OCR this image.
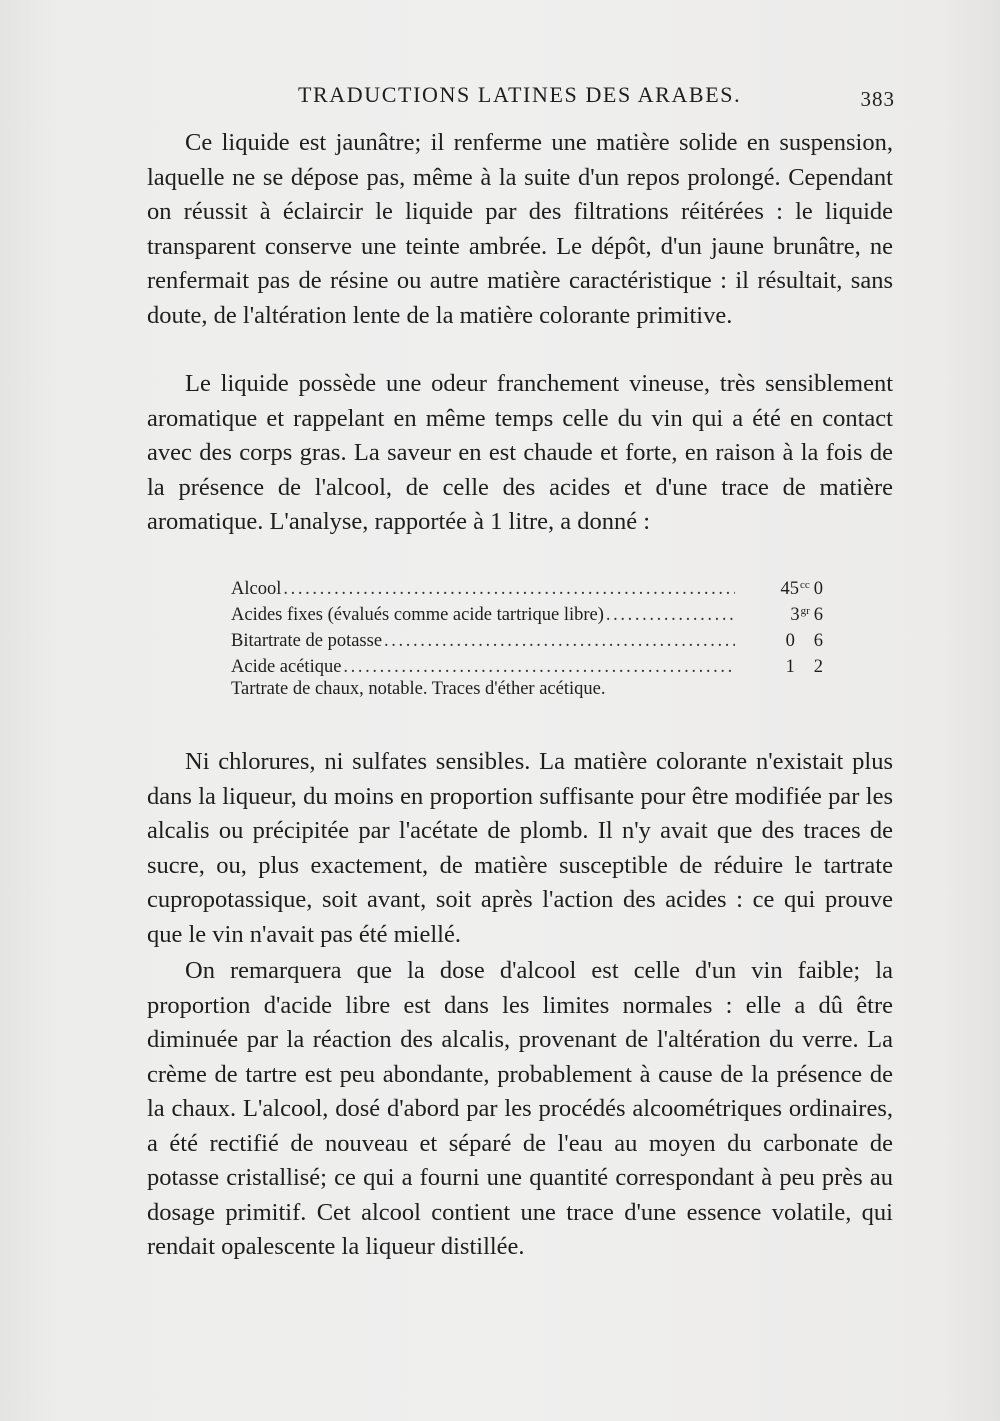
TRADUCTIONS LATINES DES ARABES.	383

Ce liquide est jaunâtre; il renferme une matière solide en suspension, laquelle ne se dépose pas, même à la suite d'un repos prolongé. Cependant on réussit à éclaircir le liquide par des filtrations réitérées : le liquide transparent conserve une teinte ambrée. Le dépôt, d'un jaune brunâtre, ne renfermait pas de résine ou autre matière caractéristique : il résultait, sans doute, de l'altération lente de la matière colorante primitive.

Le liquide possède une odeur franchement vineuse, très sensiblement aromatique et rappelant en même temps celle du vin qui a été en contact avec des corps gras. La saveur en est chaude et forte, en raison à la fois de la présence de l'alcool, de celle des acides et d'une trace de matière aromatique. L'analyse, rapportée à 1 litre, a donné :

Alcool . . .	$45^{cc}$ 0
Acides fixes (évalués comme acide tartrique libre) . . .	$3^{gr}$ 6
Bitartrate de potasse . . .	0 6
Acide acétique . . .	1 2
Tartrate de chaux, notable. Traces d'éther acétique.

Ni chlorures, ni sulfates sensibles. La matière colorante n'existait plus dans la liqueur, du moins en proportion suffisante pour être modifiée par les alcalis ou précipitée par l'acétate de plomb. Il n'y avait que des traces de sucre, ou, plus exactement, de matière susceptible de réduire le tartrate cupropotassique, soit avant, soit après l'action des acides : ce qui prouve que le vin n'avait pas été miellé.

On remarquera que la dose d'alcool est celle d'un vin faible; la proportion d'acide libre est dans les limites normales : elle a dû être diminuée par la réaction des alcalis, provenant de l'altération du verre. La crème de tartre est peu abondante, probablement à cause de la présence de la chaux. L'alcool, dosé d'abord par les procédés alcoométriques ordinaires, a été rectifié de nouveau et séparé de l'eau au moyen du carbonate de potasse cristallisé; ce qui a fourni une quantité correspondant à peu près au dosage primitif. Cet alcool contient une trace d'une essence volatile, qui rendait opalescente la liqueur distillée.
